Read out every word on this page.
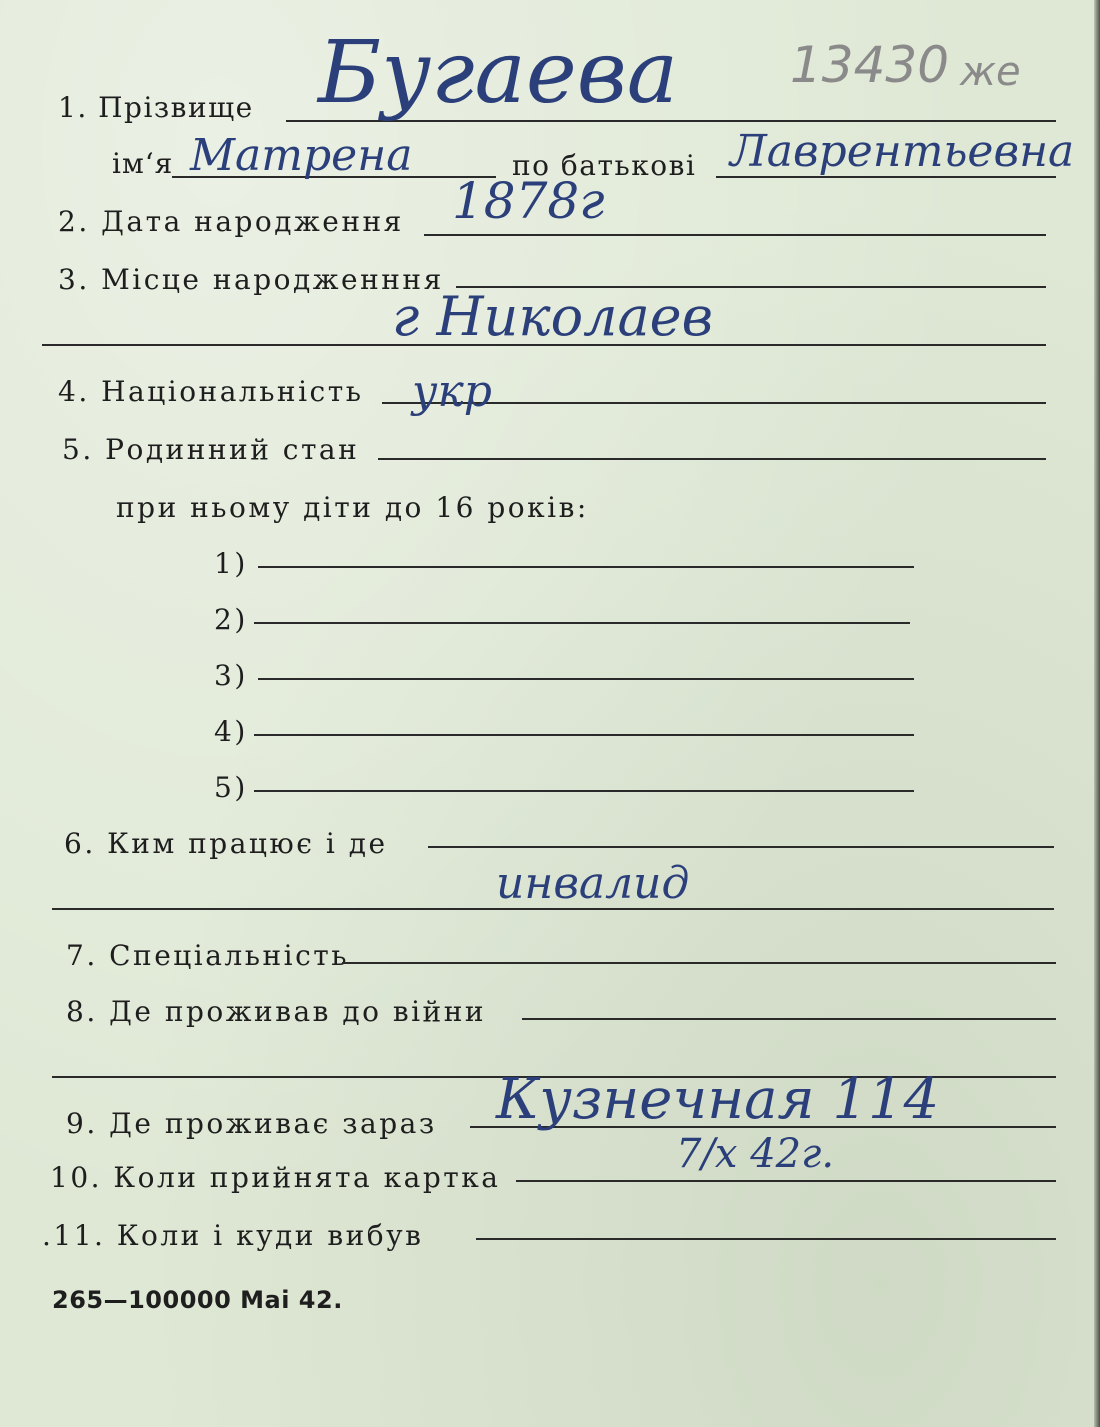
1. Прізвище Бугаева 13430 же
ім‘я Матрена	по батькові Лаврентьевна
2. Дата народження 1878г
3. Місце народженння
г Николаев
4. Національність укр
5. Родинний стан
при ньому діти до 16 років:
1)
2)
3)
4)
5)
6. Ким працює і де
инвалид
7. Спеціальність
8. Де проживав до війни
9. Де проживає зараз Кузнечная 114
10. Коли прийнята картка
7/х 42г.
.11. Коли і куди вибув
265—100000 Mai 42.
